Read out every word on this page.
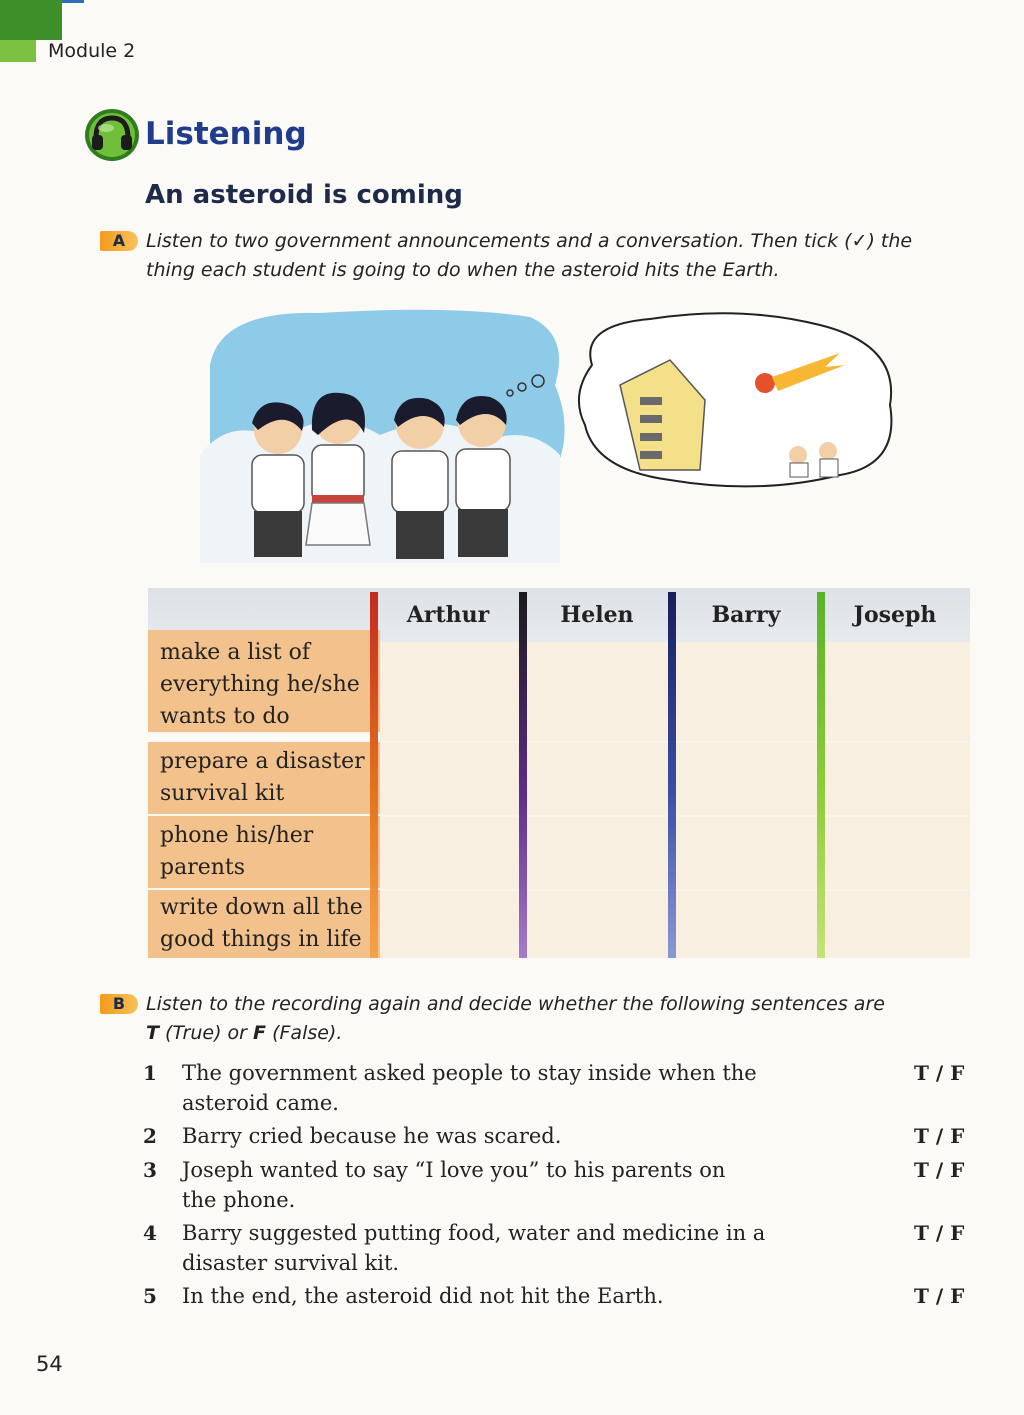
Module 2
Listening
An asteroid is coming
A	Listen to two government announcements and a conversation. Then tick (✓) the
thing each student is going to do when the asteroid hits the Earth.
make a list of everything he/she wants to do
prepare a disaster survival kit
phone his/her parents
write down all the good things in life
Arthur	Helen	Barry	Joseph
B	Listen to the recording again and decide whether the following sentences are
T (True) or F (False).
1	The government asked people to stay inside when the
asteroid came.
T / F
2	Barry cried because he was scared.	T / F
3	Joseph wanted to say “I love you” to his parents on
the phone.
T / F
4	Barry suggested putting food, water and medicine in a
disaster survival kit.
T / F
5	In the end, the asteroid did not hit the Earth.	T / F
54
